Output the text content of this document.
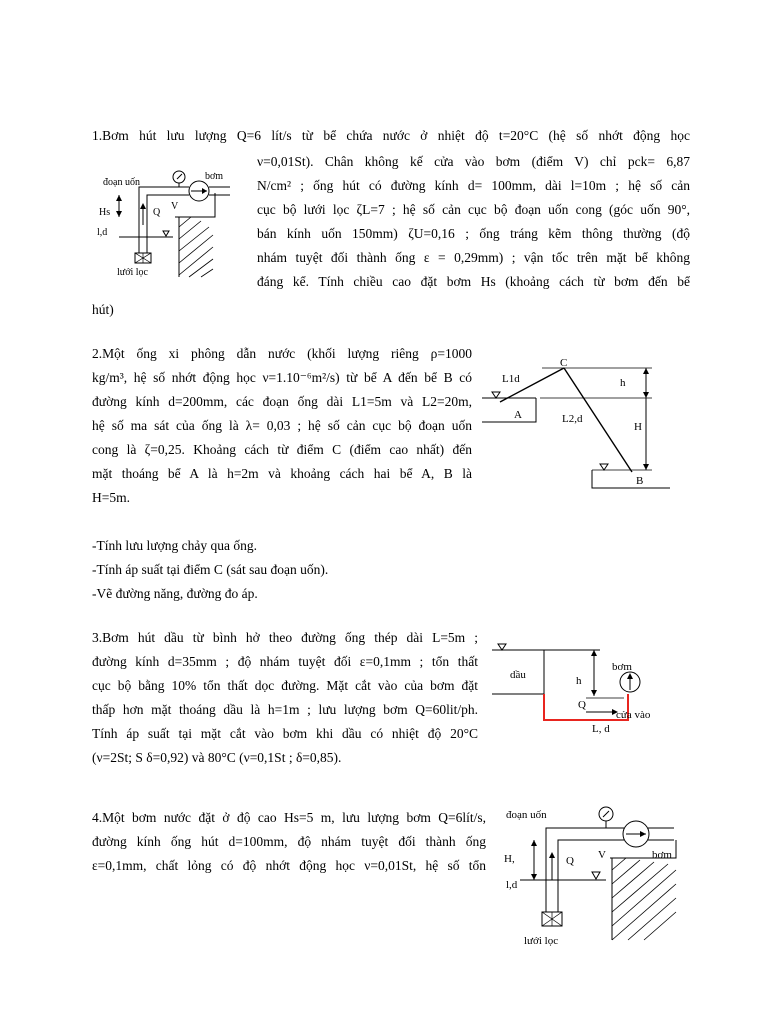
1.Bơm hút lưu lượng Q=6 lít/s từ bể chứa nước ở nhiệt độ t=20°C (hệ số nhớt động học
ν=0,01St). Chân không kế cửa vào bơm (điểm V) chỉ pck= 6,87
N/cm² ; ống hút có đường kính d= 100mm, dài l=10m ; hệ số cản
cục bộ lưới lọc ζL=7 ; hệ số cản cục bộ đoạn uốn cong (góc uốn 90°,
bán kính uốn 150mm) ζU=0,16 ; ống tráng kẽm thông thường (độ
nhám tuyệt đối thành ống ε = 0,29mm) ; vận tốc trên mặt bể không
đáng kể. Tính chiều cao đặt bơm Hs (khoảng cách từ bơm đến bể
hút)
đoạn uốn
bơm
Hs
l,d
Q
V
lưới lọc
2.Một ống xi phông dẫn nước (khối lượng riêng ρ=1000
kg/m³, hệ số nhớt động học ν=1.10⁻⁶m²/s) từ bể A đến bể B có
đường kính d=200mm, các đoạn ống dài L1=5m và L2=20m,
hệ số ma sát của ống là λ= 0,03 ; hệ số cản cục bộ đoạn uốn
cong là ζ=0,25. Khoảng cách từ điểm C (điểm cao nhất) đến
mặt thoáng bể A là h=2m và khoảng cách hai bể A, B là
H=5m.
-Tính lưu lượng chảy qua ống.
-Tính áp suất tại điểm C (sát sau đoạn uốn).
-Vẽ đường năng, đường đo áp.
C
L1d	h
A	L2,d
H
B
3.Bơm hút dầu từ bình hở theo đường ống thép dài L=5m ;
đường kính d=35mm ; độ nhám tuyệt đối ε=0,1mm ; tổn thất
cục bộ bằng 10% tổn thất dọc đường. Mặt cắt vào của bơm đặt
thấp hơn mặt thoáng dầu là h=1m ; lưu lượng bơm Q=60lit/ph.
Tính áp suất tại mặt cắt vào bơm khi dầu có nhiệt độ 20°C
(ν=2St; S δ=0,92) và 80°C (ν=0,1St ; δ=0,85).
dầu
bơm
h
Q
cửa vào
L, d
4.Một bơm nước đặt ở độ cao Hs=5 m, lưu lượng bơm Q=6lít/s,
đường kính ống hút d=100mm, độ nhám tuyệt đối thành ống
ε=0,1mm, chất lỏng có độ nhớt động học ν=0,01St, hệ số tổn
đoạn uốn
bơm
H,
l,d
Q V
lưới lọc
